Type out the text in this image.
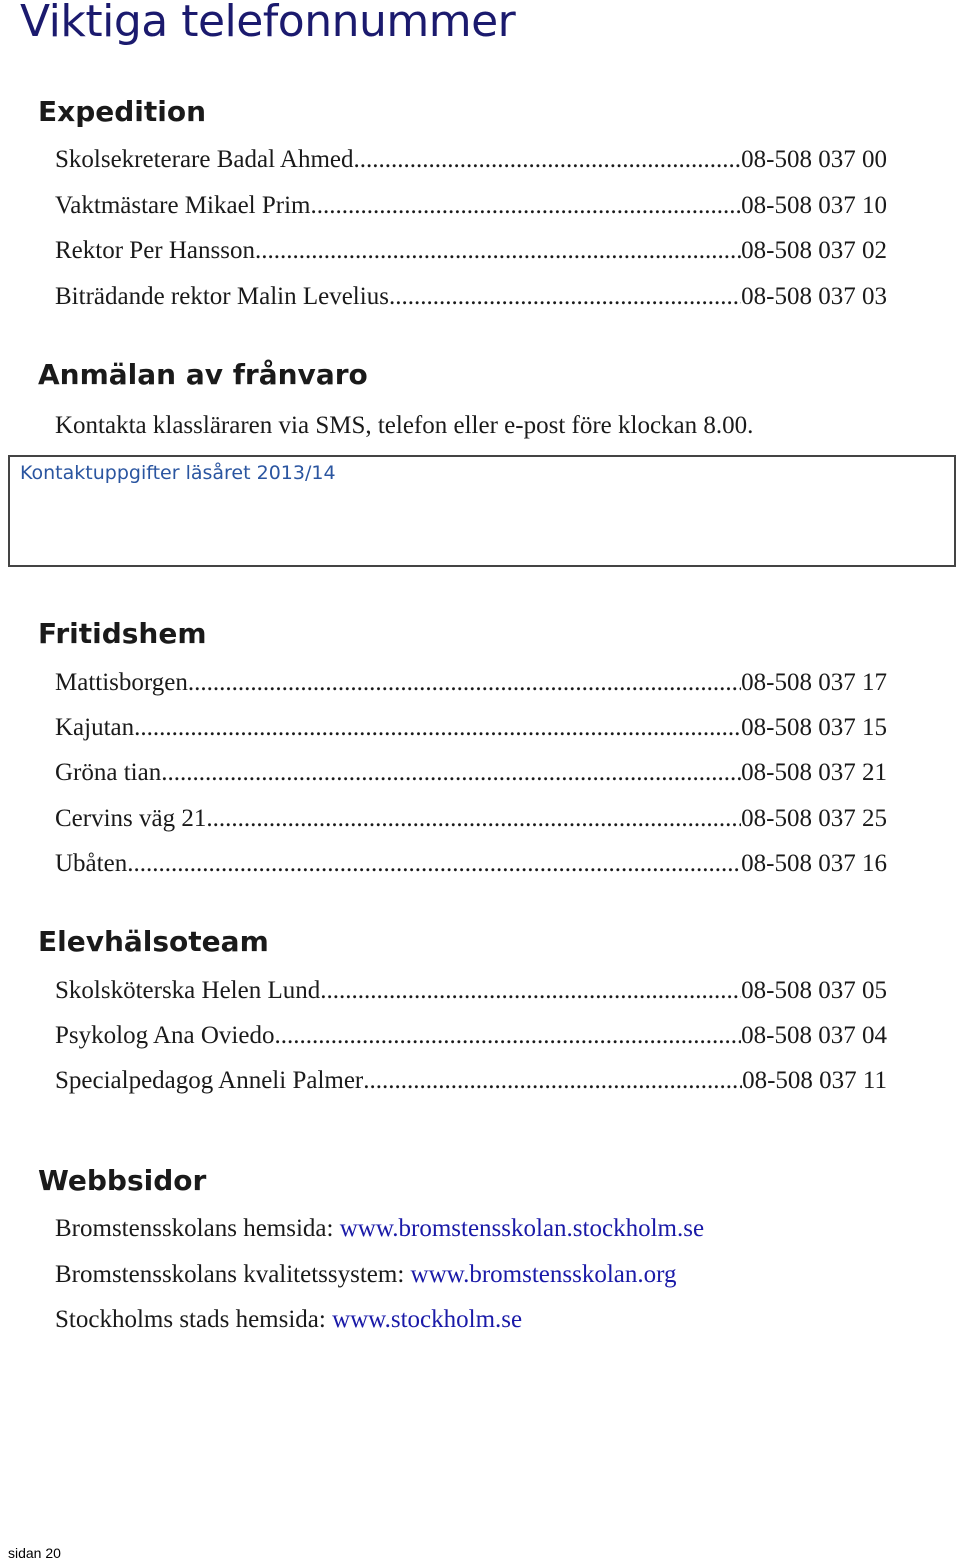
Viktiga telefonnummer
Expedition
Skolsekreterare Badal Ahmed .....	08-508 037 00
Vaktmästare Mikael Prim .....	08-508 037 10
Rektor Per Hansson .....	08-508 037 02
Biträdande rektor Malin Levelius .....	08-508 037 03
Anmälan av frånvaro
Kontakta klassläraren via SMS, telefon eller e-post före klockan 8.00.
Kontaktuppgifter läsåret 2013/14
Fritidshem
Mattisborgen .....	08-508 037 17
Kajutan .....	08-508 037 15
Gröna tian .....	08-508 037 21
Cervins väg 21 .....	08-508 037 25
Ubåten .....	08-508 037 16
Elevhälsoteam
Skolsköterska Helen Lund .....	08-508 037 05
Psykolog Ana Oviedo .....	08-508 037 04
Specialpedagog Anneli Palmer .....	08-508 037 11
Webbsidor
Bromstensskolans hemsida: www.bromstensskolan.stockholm.se
Bromstensskolans kvalitetssystem: www.bromstensskolan.org
Stockholms stads hemsida: www.stockholm.se
sidan 20
